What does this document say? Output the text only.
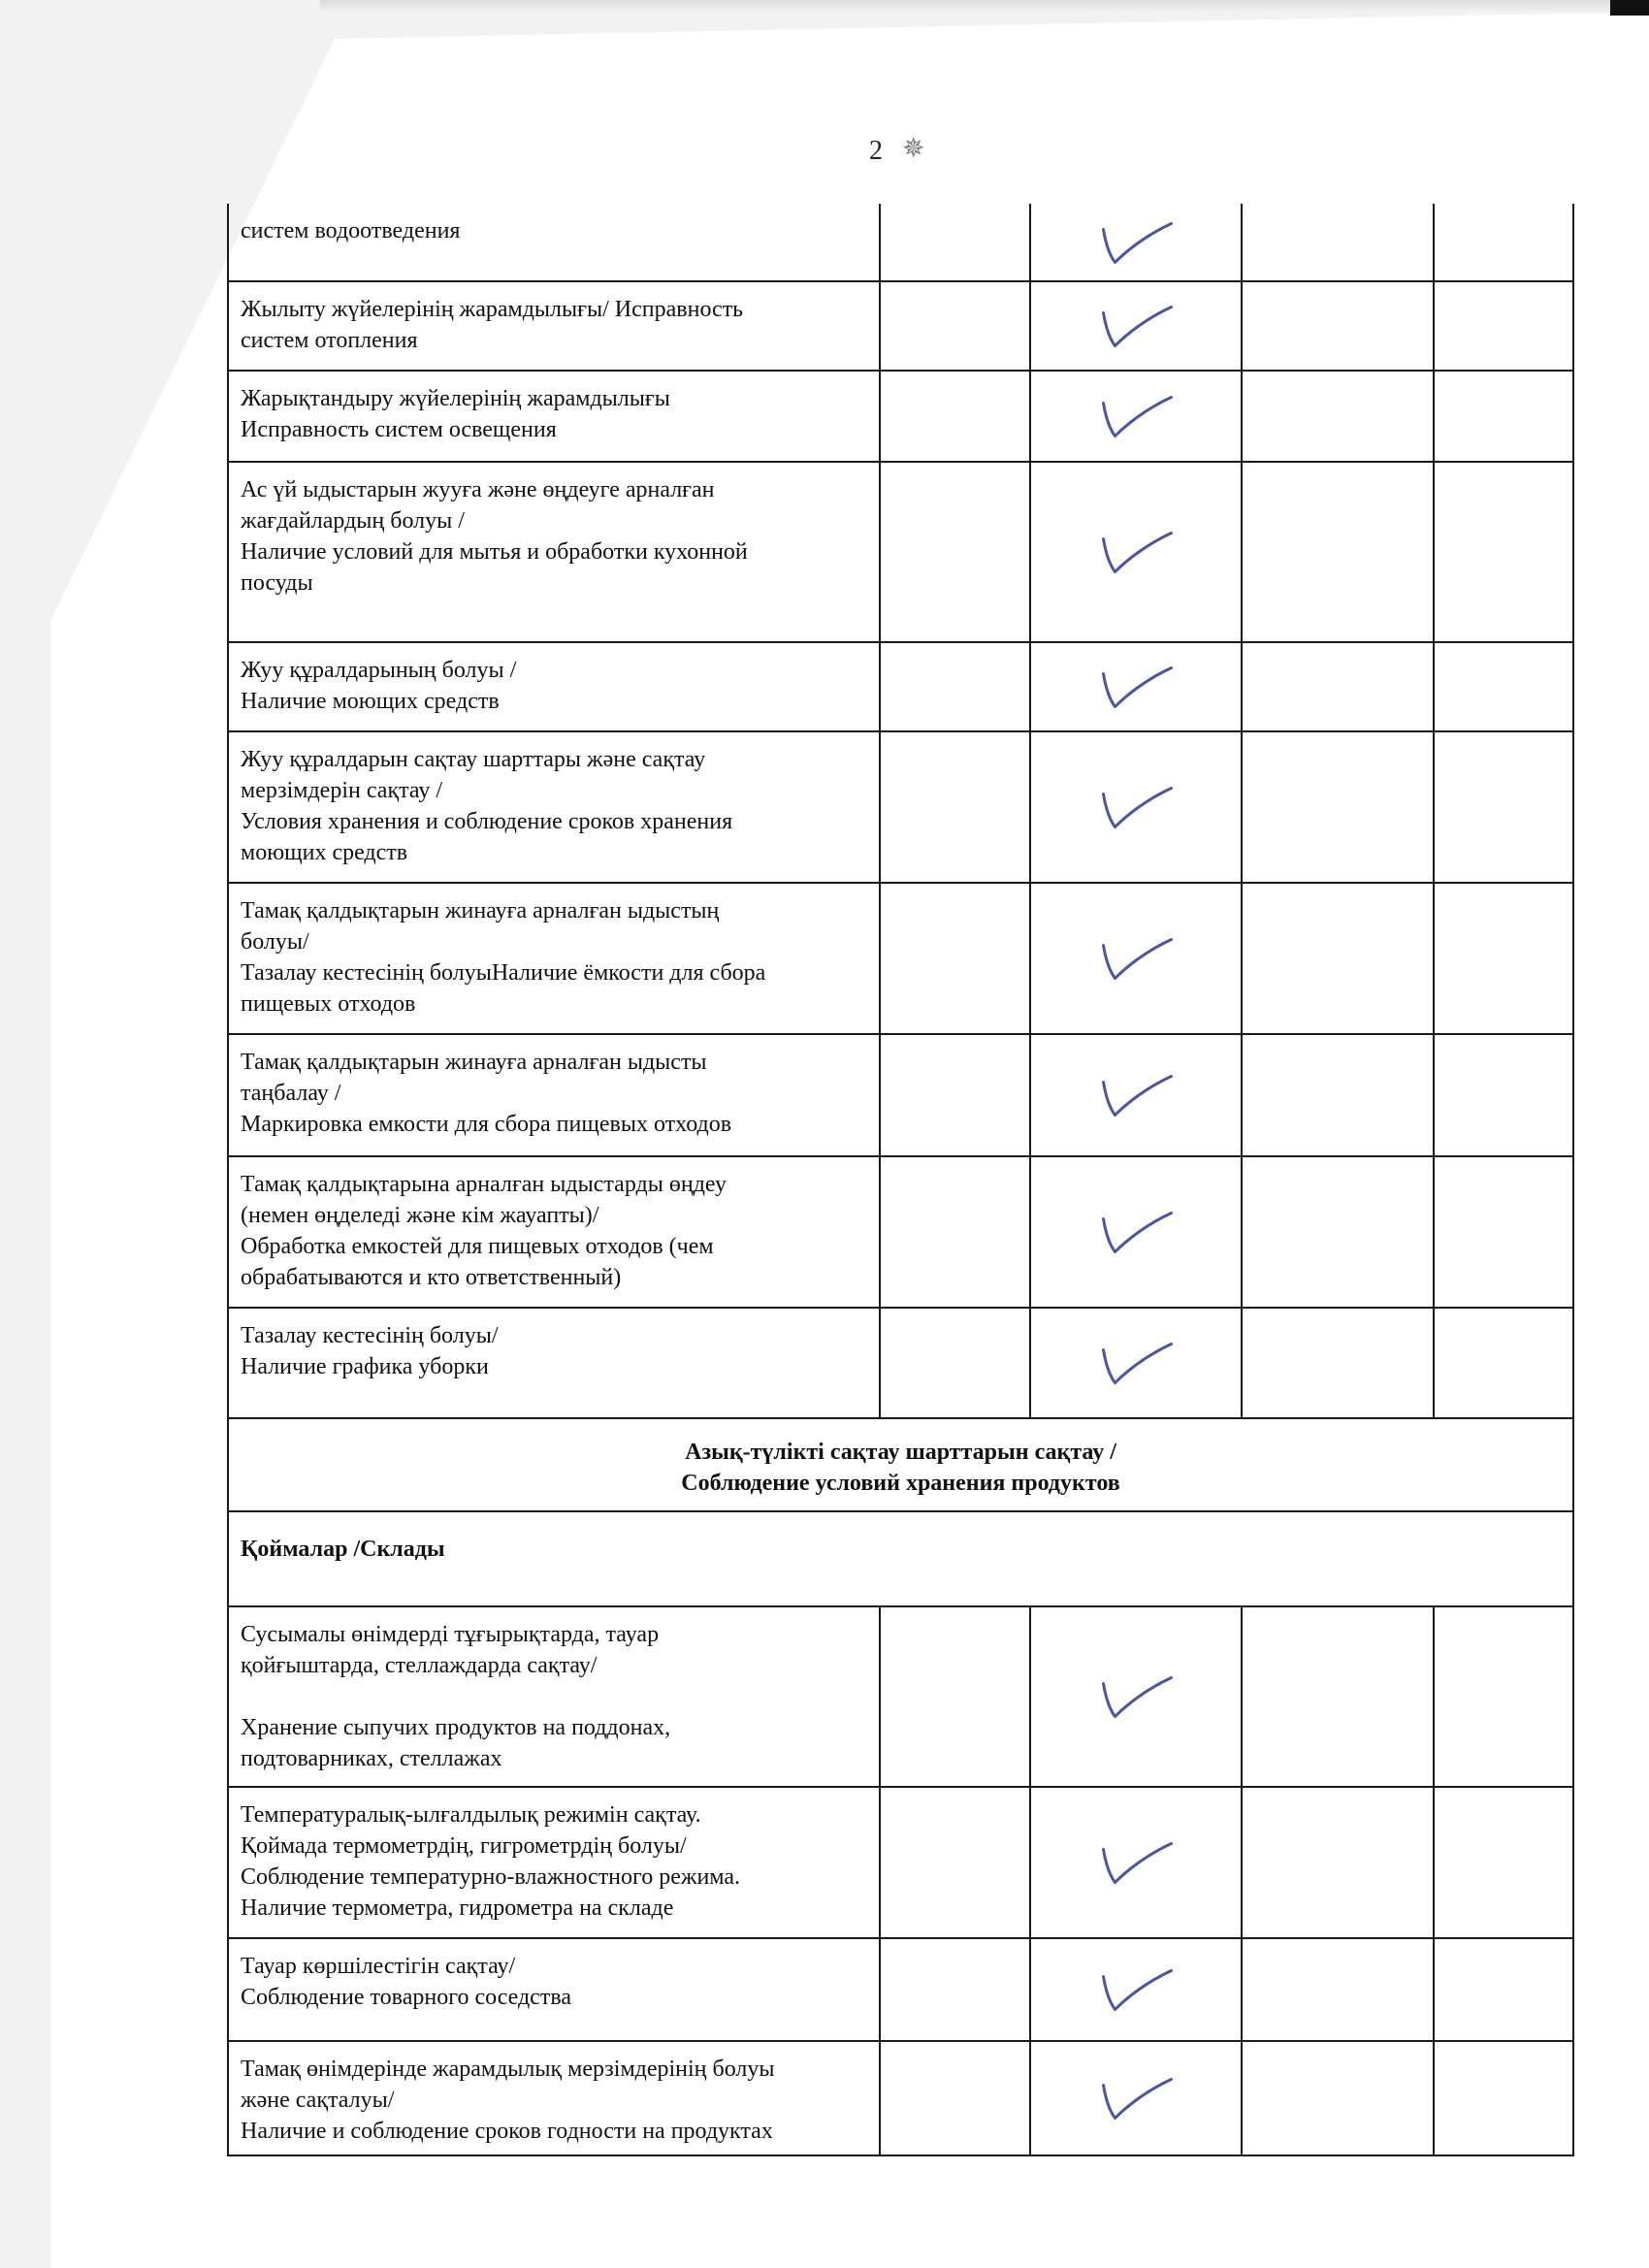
2 ✵
систем водоотведения

Жылыту жүйелерінің жарамдылығы/ Исправность
систем отопления

Жарықтандыру жүйелерінің жарамдылығы
Исправность систем освещения

Ас үй ыдыстарын жууға және өңдеуге арналған
жағдайлардың болуы /
Наличие условий для мытья и обработки кухонной
посуды

Жуу құралдарының болуы /
Наличие моющих средств

Жуу құралдарын сақтау шарттары және сақтау
мерзімдерін сақтау /
Условия хранения и соблюдение сроков хранения
моющих средств

Тамақ қалдықтарын жинауға арналған ыдыстың
болуы/
Тазалау кестесінің болуыНаличие ёмкости для сбора
пищевых отходов

Тамақ қалдықтарын жинауға арналған ыдысты
таңбалау /
Маркировка емкости для сбора пищевых отходов

Тамақ қалдықтарына арналған ыдыстарды өңдеу
(немен өңделеді және кім жауапты)/
Обработка емкостей для пищевых отходов (чем
обрабатываются и кто ответственный)

Тазалау кестесінің болуы/
Наличие графика уборки

Азық-түлікті сақтау шарттарын сақтау /
Соблюдение условий хранения продуктов				

Қоймалар /Склады				

Сусымалы өнімдерді тұғырықтарда, тауар
қойғыштарда, стеллаждарда сақтау/
Хранение сыпучих продуктов на поддонах,
подтоварниках, стеллажах

Температуралық-ылғалдылық режимін сақтау.
Қоймада термометрдің, гигрометрдің болуы/
Соблюдение температурно-влажностного режима.
Наличие термометра, гидрометра на складе

Тауар көршілестігін сақтау/
Соблюдение товарного соседства

Тамақ өнімдерінде жарамдылық мерзімдерінің болуы
және сақталуы/
Наличие и соблюдение сроков годности на продуктах
